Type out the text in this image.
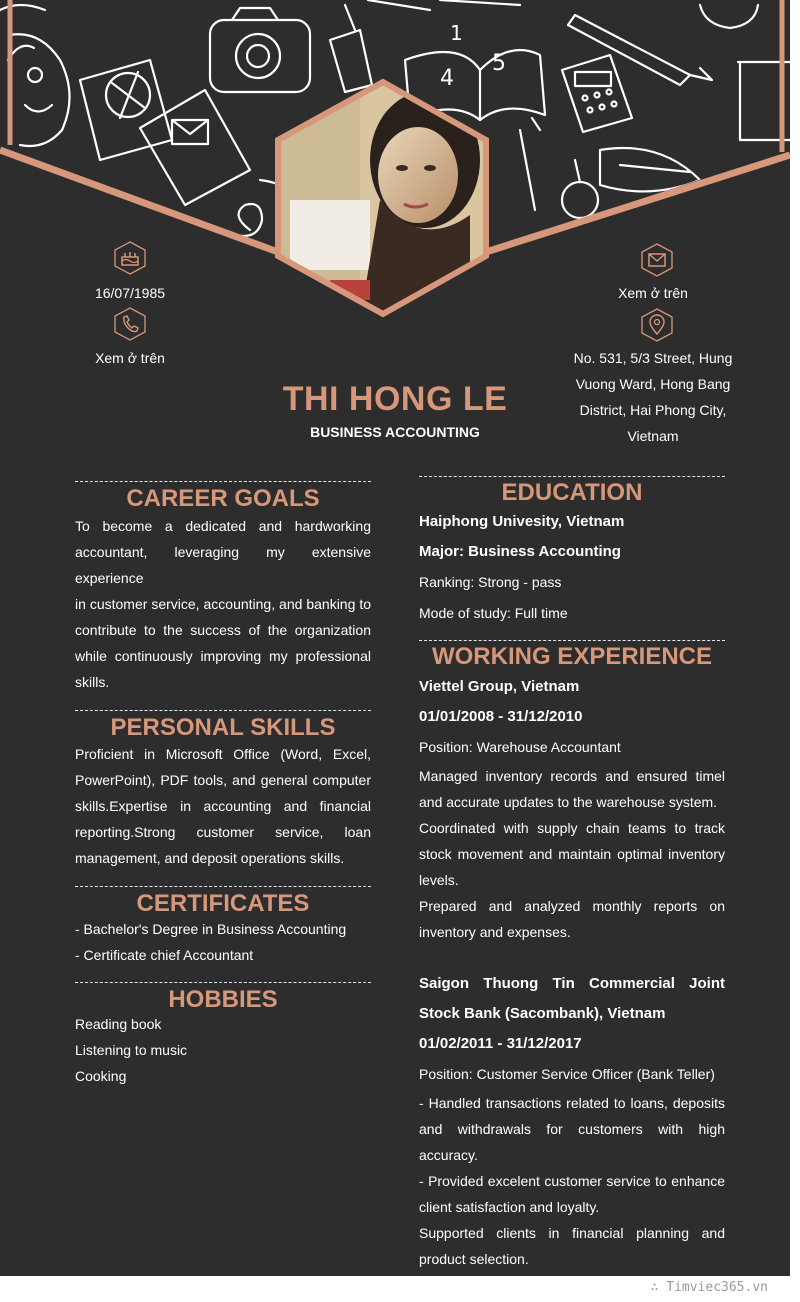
4
5
1
16/07/1985
Xem ở trên
Xem ở trên
No. 531, 5/3 Street, Hung
Vuong Ward, Hong Bang
District, Hai Phong City,
Vietnam
THI HONG LE
BUSINESS ACCOUNTING
CAREER GOALS
To become a dedicated and hardworking
accountant, leveraging my extensive experience
in customer service, accounting, and banking to
contribute to the success of the organization
while continuously improving my professional
skills.
PERSONAL SKILLS
Proficient in Microsoft Office (Word, Excel,
PowerPoint), PDF tools, and general computer
skills.Expertise in accounting and financial
reporting.Strong customer service, loan
management, and deposit operations skills.
CERTIFICATES
- Bachelor's Degree in Business Accounting
- Certificate chief Accountant
HOBBIES
Reading book
Listening to music
Cooking
EDUCATION
Haiphong Univesity, Vietnam
Major: Business Accounting
Ranking: Strong - pass
Mode of study: Full time
WORKING EXPERIENCE
Viettel Group, Vietnam
01/01/2008 - 31/12/2010
Position: Warehouse Accountant
Managed inventory records and ensured timel
and accurate updates to the warehouse system.
Coordinated with supply chain teams to track
stock movement and maintain optimal inventory
levels.
Prepared and analyzed monthly reports on
inventory and expenses.
Saigon Thuong Tin Commercial Joint
Stock Bank (Sacombank), Vietnam
01/02/2011 - 31/12/2017
Position: Customer Service Officer (Bank Teller)
- Handled transactions related to loans, deposits
and withdrawals for customers with high
accuracy.
- Provided excelent customer service to enhance
client satisfaction and loyalty.
Supported clients in financial planning and
product selection.
∴ Timviec365.vn
